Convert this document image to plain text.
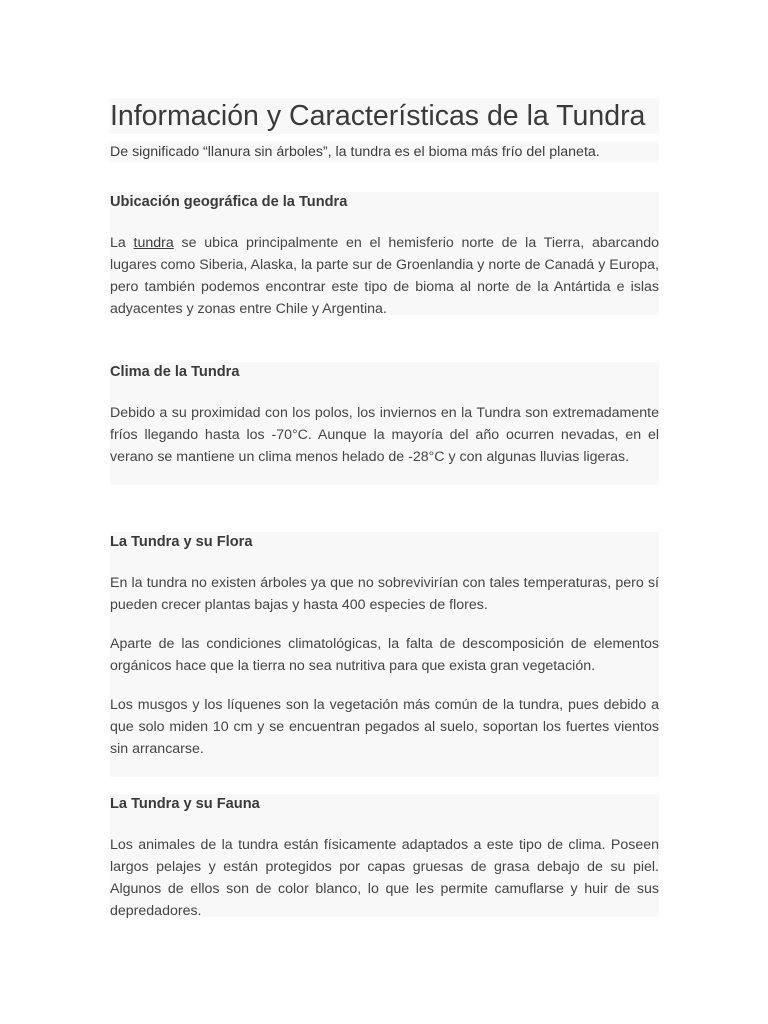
Información y Características de la Tundra

De significado “llanura sin árboles”, la tundra es el bioma más frío del planeta.

Ubicación geográfica de la Tundra

La tundra se ubica principalmente en el hemisferio norte de la Tierra, abarcando lugares como Siberia, Alaska, la parte sur de Groenlandia y norte de Canadá y Europa, pero también podemos encontrar este tipo de bioma al norte de la Antártida e islas adyacentes y zonas entre Chile y Argentina.

Clima de la Tundra

Debido a su proximidad con los polos, los inviernos en la Tundra son extremadamente fríos llegando hasta los -70°C. Aunque la mayoría del año ocurren nevadas, en el verano se mantiene un clima menos helado de -28°C y con algunas lluvias ligeras.

La Tundra y su Flora

En la tundra no existen árboles ya que no sobrevivirían con tales temperaturas, pero sí pueden crecer plantas bajas y hasta 400 especies de flores.

Aparte de las condiciones climatológicas, la falta de descomposición de elementos orgánicos hace que la tierra no sea nutritiva para que exista gran vegetación.

Los musgos y los líquenes son la vegetación más común de la tundra, pues debido a que solo miden 10 cm y se encuentran pegados al suelo, soportan los fuertes vientos sin arrancarse.

La Tundra y su Fauna

Los animales de la tundra están físicamente adaptados a este tipo de clima. Poseen largos pelajes y están protegidos por capas gruesas de grasa debajo de su piel. Algunos de ellos son de color blanco, lo que les permite camuflarse y huir de sus depredadores.
